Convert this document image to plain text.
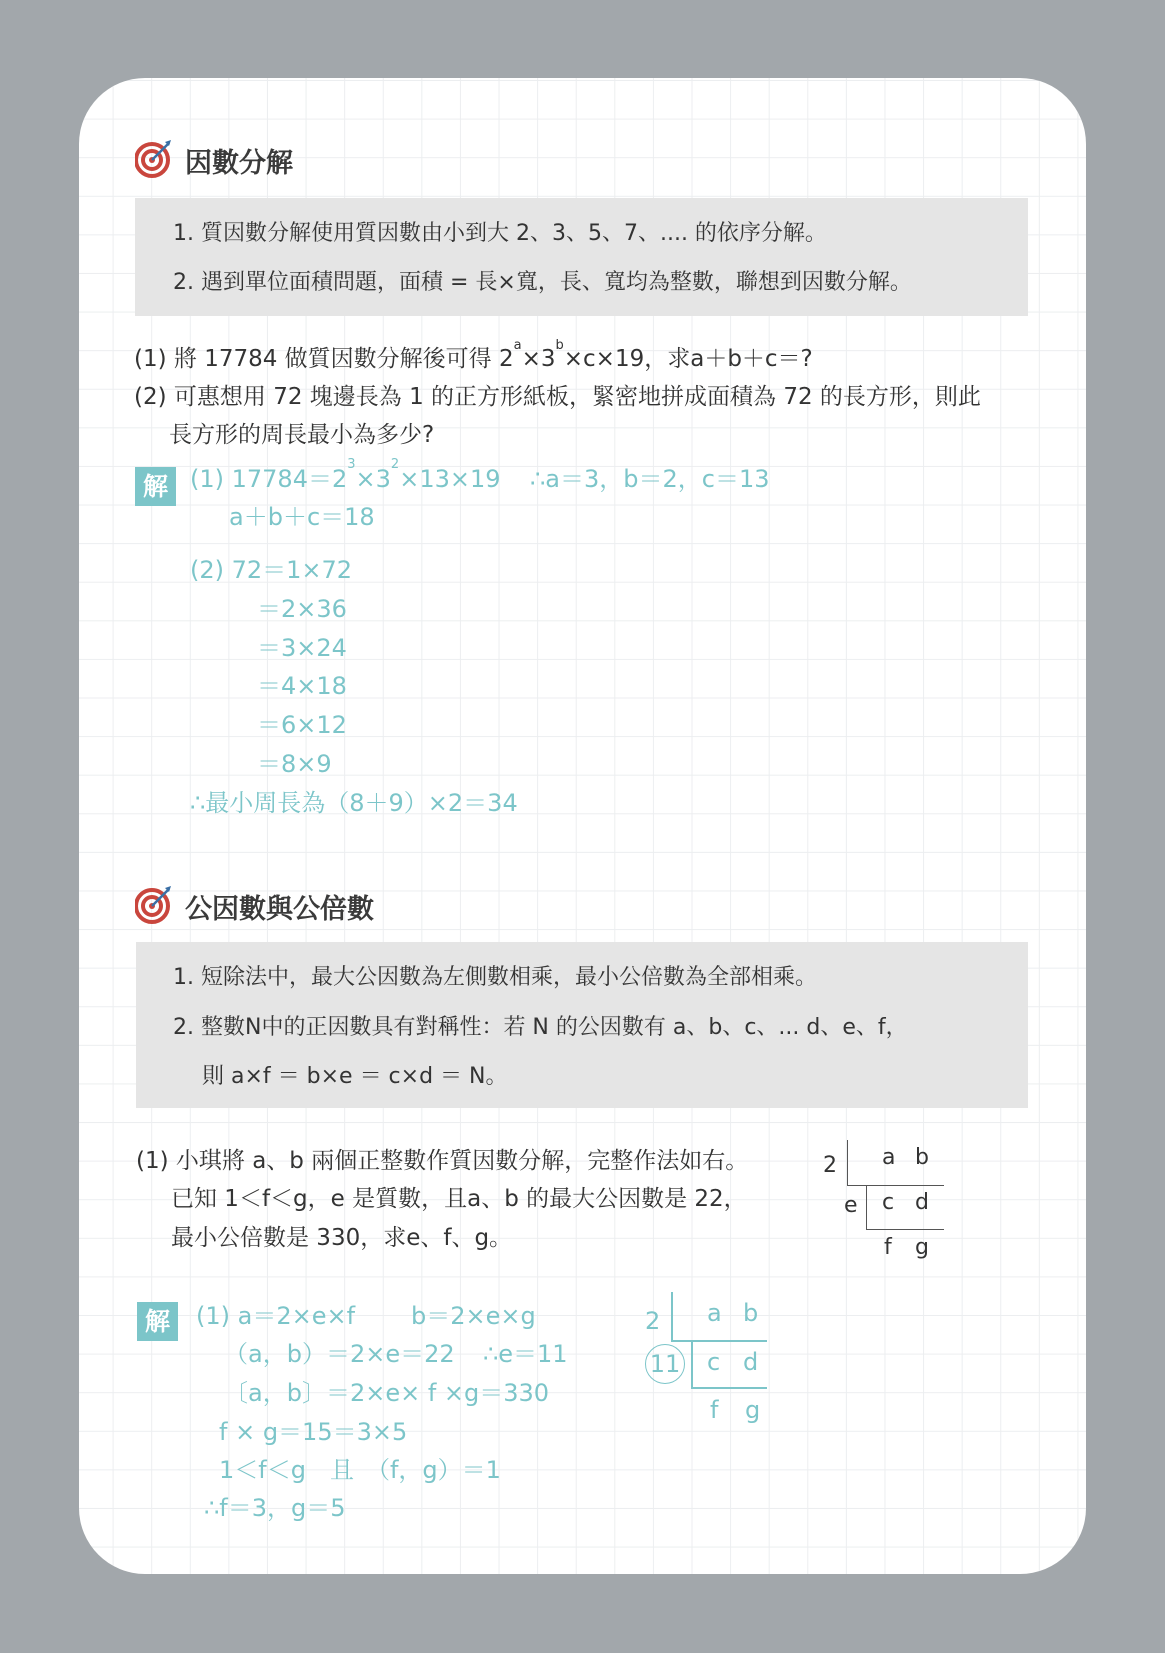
因數分解
1. 質因數分解使用質因數由小到大 2、3、5、7、.... 的依序分解。
2. 遇到單位面積問題，面積 = 長×寬，長、寬均為整數，聯想到因數分解。
(1) 將 17784 做質因數分解後可得 $2^a\times 3^b\times c\times 19$，求a＋b＋c＝?
(2) 可惠想用 72 塊邊長為 1 的正方形紙板，緊密地拼成面積為 72 的長方形，則此
長方形的周長最小為多少?
解 (1) $17784=2^3\times 3^2\times 13\times 19$ ∴a＝3，b＝2，c＝13
a＋b＋c＝18
(2) 72＝1×72
＝2×36
＝3×24
＝4×18
＝6×12
＝8×9
∴最小周長為（8＋9）×2＝34
公因數與公倍數
1. 短除法中，最大公因數為左側數相乘，最小公倍數為全部相乘。
2. 整數N中的正因數具有對稱性：若 N 的公因數有 a、b、c、... d、e、f，
則 a×f ＝ b×e ＝ c×d ＝ N。
(1) 小琪將 a、b 兩個正整數作質因數分解，完整作法如右。
已知 1＜f＜g，e 是質數，且a、b 的最大公因數是 22，
最小公倍數是 330，求e、f、g。
2 a b
e c d
f g
解	(1) a＝2×e×f b＝2×e×g
（a，b）＝2×e＝22 ∴e＝11
〔a，b〕＝2×e× f ×g＝330
f × g＝15＝3×5
1＜f＜g　且　（f，g）＝1
∴f＝3，g＝5
2 a b
11 c d
f g
